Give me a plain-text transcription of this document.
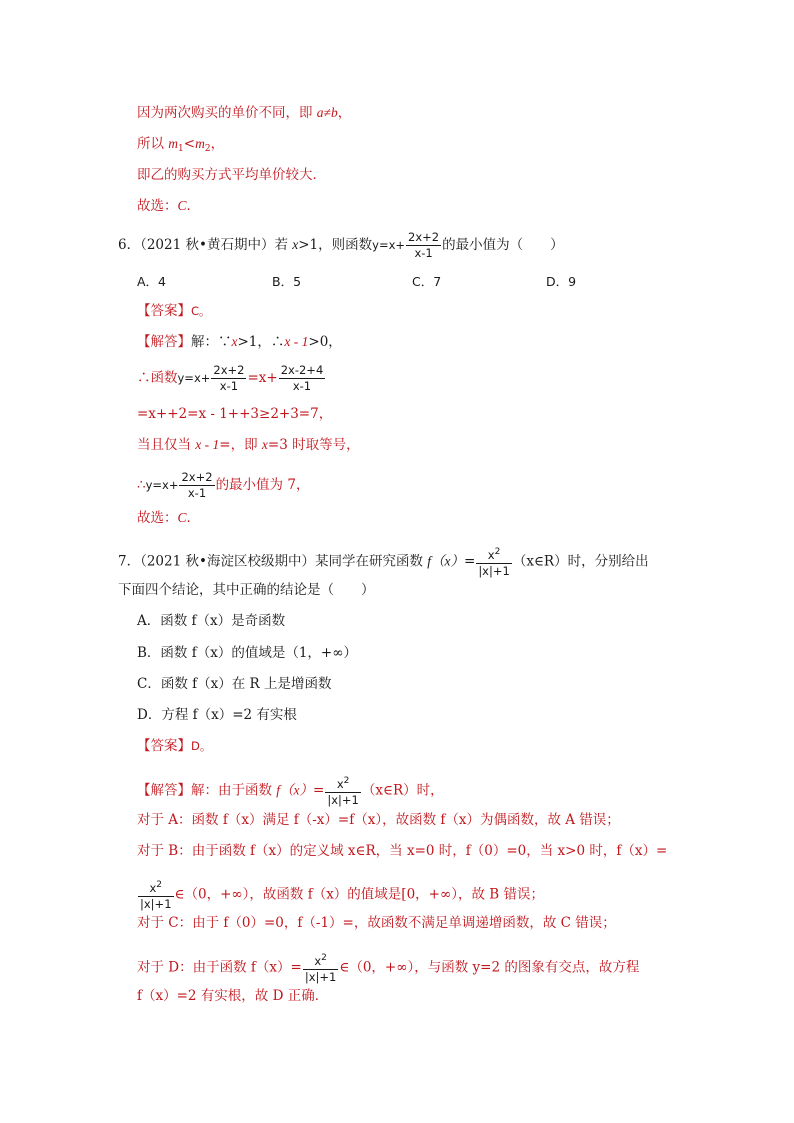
因为两次购买的单价不同，即 a≠b，
所以 $m_1<m_2$，
即乙的购买方式平均单价较大．
故选：C．
6．（2021 秋•黄石期中）若 x>1，则函数$y=x+ \frac{2x+2}{x-1}$ 的最小值为（　　）
A．4	B．5	C．7	D．9
【答案】C。
【解答】解：∵x>1，∴x - 1>0，
∴函数$y=x+ \frac{2x+2}{x-1} =x+ \frac{2x-2+4}{x-1}$
=x++2=x - 1++3≥2+3=7，
当且仅当 x - 1=，即 x=3 时取等号，
∴y=x+ $\frac{2x+2}{x-1}$ 的最小值为 7，
故选：C．
7．（2021 秋•海淀区校级期中）某同学在研究函数 $f(x)= \frac{x^2}{|x|+1}$ （x∈R）时，分别给出
下面四个结论，其中正确的结论是（　　）
A．函数 f（x）是奇函数
B．函数 f（x）的值域是（1，+∞）
C．函数 f（x）在 R 上是增函数
D．方程 f（x）=2 有实根
【答案】D。
【解答】解：由于函数 $f(x)= \frac{x^2}{|x|+1}$ （x∈R）时，
对于 A：函数 f（x）满足 f（-x）=f（x），故函数 f（x）为偶函数，故 A 错误；
对于 B：由于函数 f（x）的定义域 x∈R，当 x=0 时，f（0）=0，当 x>0 时，f（x）=
$\frac{x^2}{|x|+1}$ ∈（0，+∞），故函数 f（x）的值域是[0，+∞），故 B 错误；
对于 C：由于 f（0）=0，f（-1）=，故函数不满足单调递增函数，故 C 错误；
对于 D：由于函数 $f(x)= \frac{x^2}{|x|+1}$ ∈（0，+∞），与函数 y=2 的图象有交点，故方程
f（x）=2 有实根，故 D 正确．
